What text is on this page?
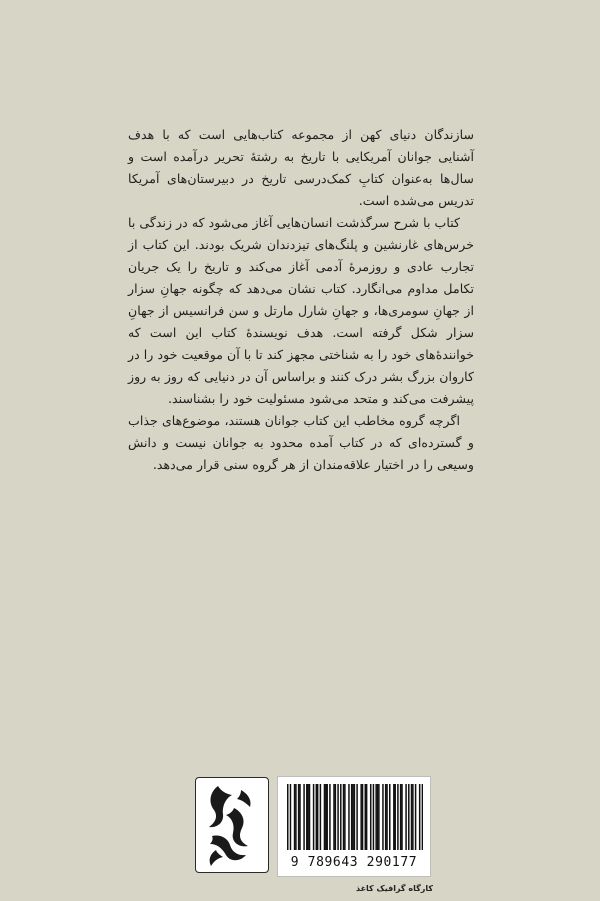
سازندگان دنیای کهن از مجموعه کتاب‌هایی است که با هدف آشنایی جوانان آمریکایی با تاریخ به رشتهٔ تحریر درآمده است و سال‌ها به‌عنوان کتابِ کمک‌درسی تاریخ در دبیرستان‌های آمریکا تدریس می‌شده است.

کتاب با شرح سرگذشت انسان‌هایی آغاز می‌شود که در زندگی با خرس‌های غارنشین و پلنگ‌های تیزدندان شریک بودند. این کتاب از تجارب عادی و روزمرهٔ آدمی آغاز می‌کند و تاریخ را یک جریان تکامل مداوم می‌انگارد. کتاب نشان می‌دهد که چگونه جهانِ سزار از جهانِ سومری‌ها، و جهانِ شارل مارتل و سن فرانسیس از جهانِ سزار شکل گرفته است. هدف نویسندهٔ کتاب این است که خوانندهٔ‌های خود را به شناختی مجهز کند تا با آن موقعیت خود را در کاروان بزرگ بشر درک کنند و براساس آن در دنیایی که روز به روز پیشرفت می‌کند و متحد می‌شود مسئولیت خود را بشناسند.

اگرچه گروه مخاطب این کتاب جوانان هستند، موضوع‌های جذاب و گسترده‌ای که در کتاب آمده محدود به جوانان نیست و دانش وسیعی را در اختیار علاقه‌مندان از هر گروه سنی قرار می‌دهد.

9 789643 290177
کارگاه گرافیک کاغذ
